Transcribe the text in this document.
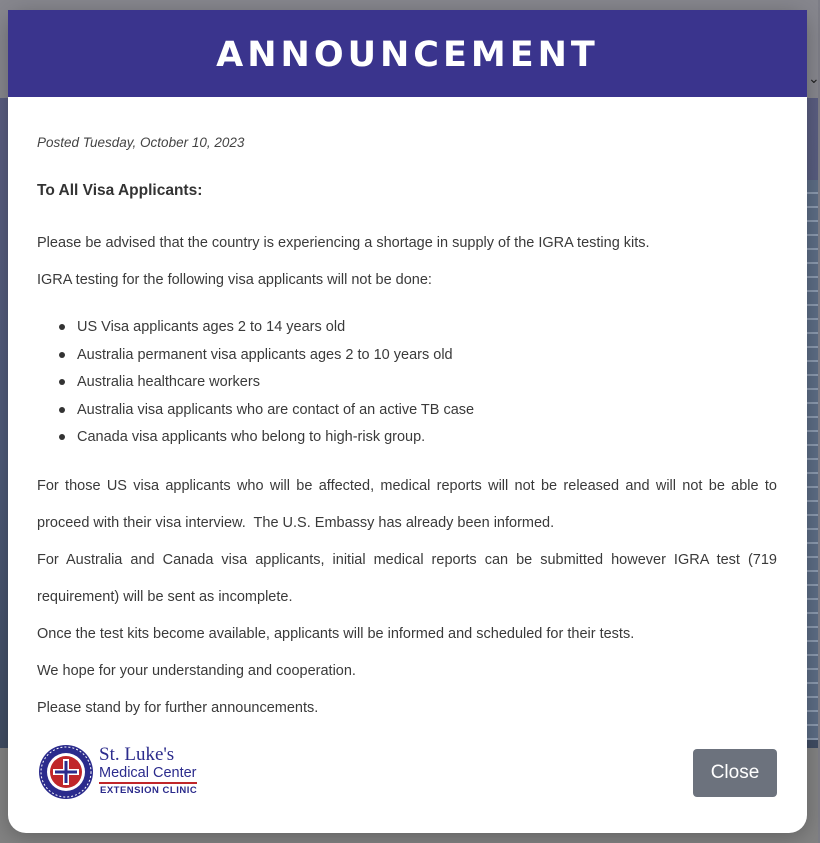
⌄
ANNOUNCEMENT
Posted Tuesday, October 10, 2023
To All Visa Applicants:
Please be advised that the country is experiencing a shortage in supply of the IGRA testing kits.
IGRA testing for the following visa applicants will not be done:
US Visa applicants ages 2 to 14 years old
Australia permanent visa applicants ages 2 to 10 years old
Australia healthcare workers
Australia visa applicants who are contact of an active TB case
Canada visa applicants who belong to high-risk group.
For those US visa applicants who will be affected, medical reports will not be released and will not be able to
proceed with their visa interview.  The U.S. Embassy has already been informed.
For Australia and Canada visa applicants, initial medical reports can be submitted however IGRA test (719
requirement) will be sent as incomplete.
Once the test kits become available, applicants will be informed and scheduled for their tests.
We hope for your understanding and cooperation.
Please stand by for further announcements.
St. Luke's
Medical Center
EXTENSION CLINIC
Close
